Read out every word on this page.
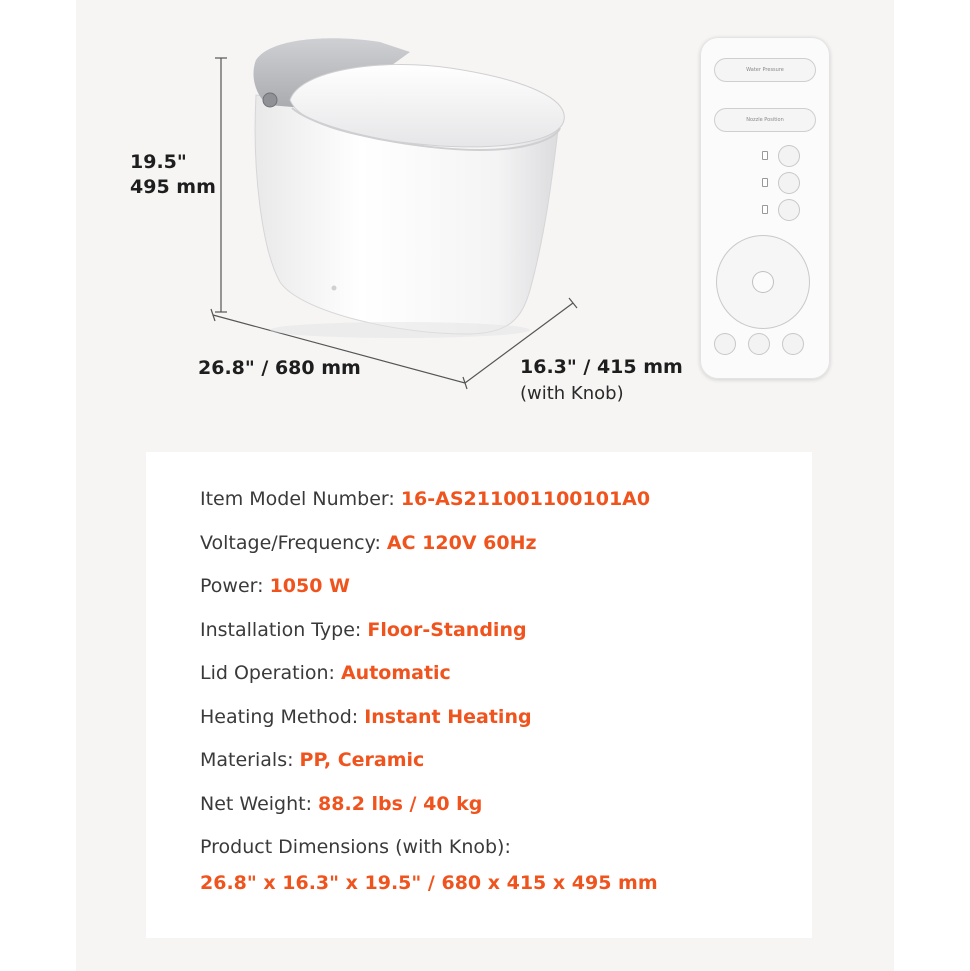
19.5"
495 mm
26.8" / 680 mm	16.3" / 415 mm
(with Knob)
Water Pressure
Nozzle Position
Item Model Number: 16-AS211001100101A0
Voltage/Frequency: AC 120V 60Hz
Power: 1050 W
Installation Type: Floor-Standing
Lid Operation: Automatic
Heating Method: Instant Heating
Materials: PP, Ceramic
Net Weight: 88.2 lbs / 40 kg
Product Dimensions (with Knob):
26.8" x 16.3" x 19.5" / 680 x 415 x 495 mm
